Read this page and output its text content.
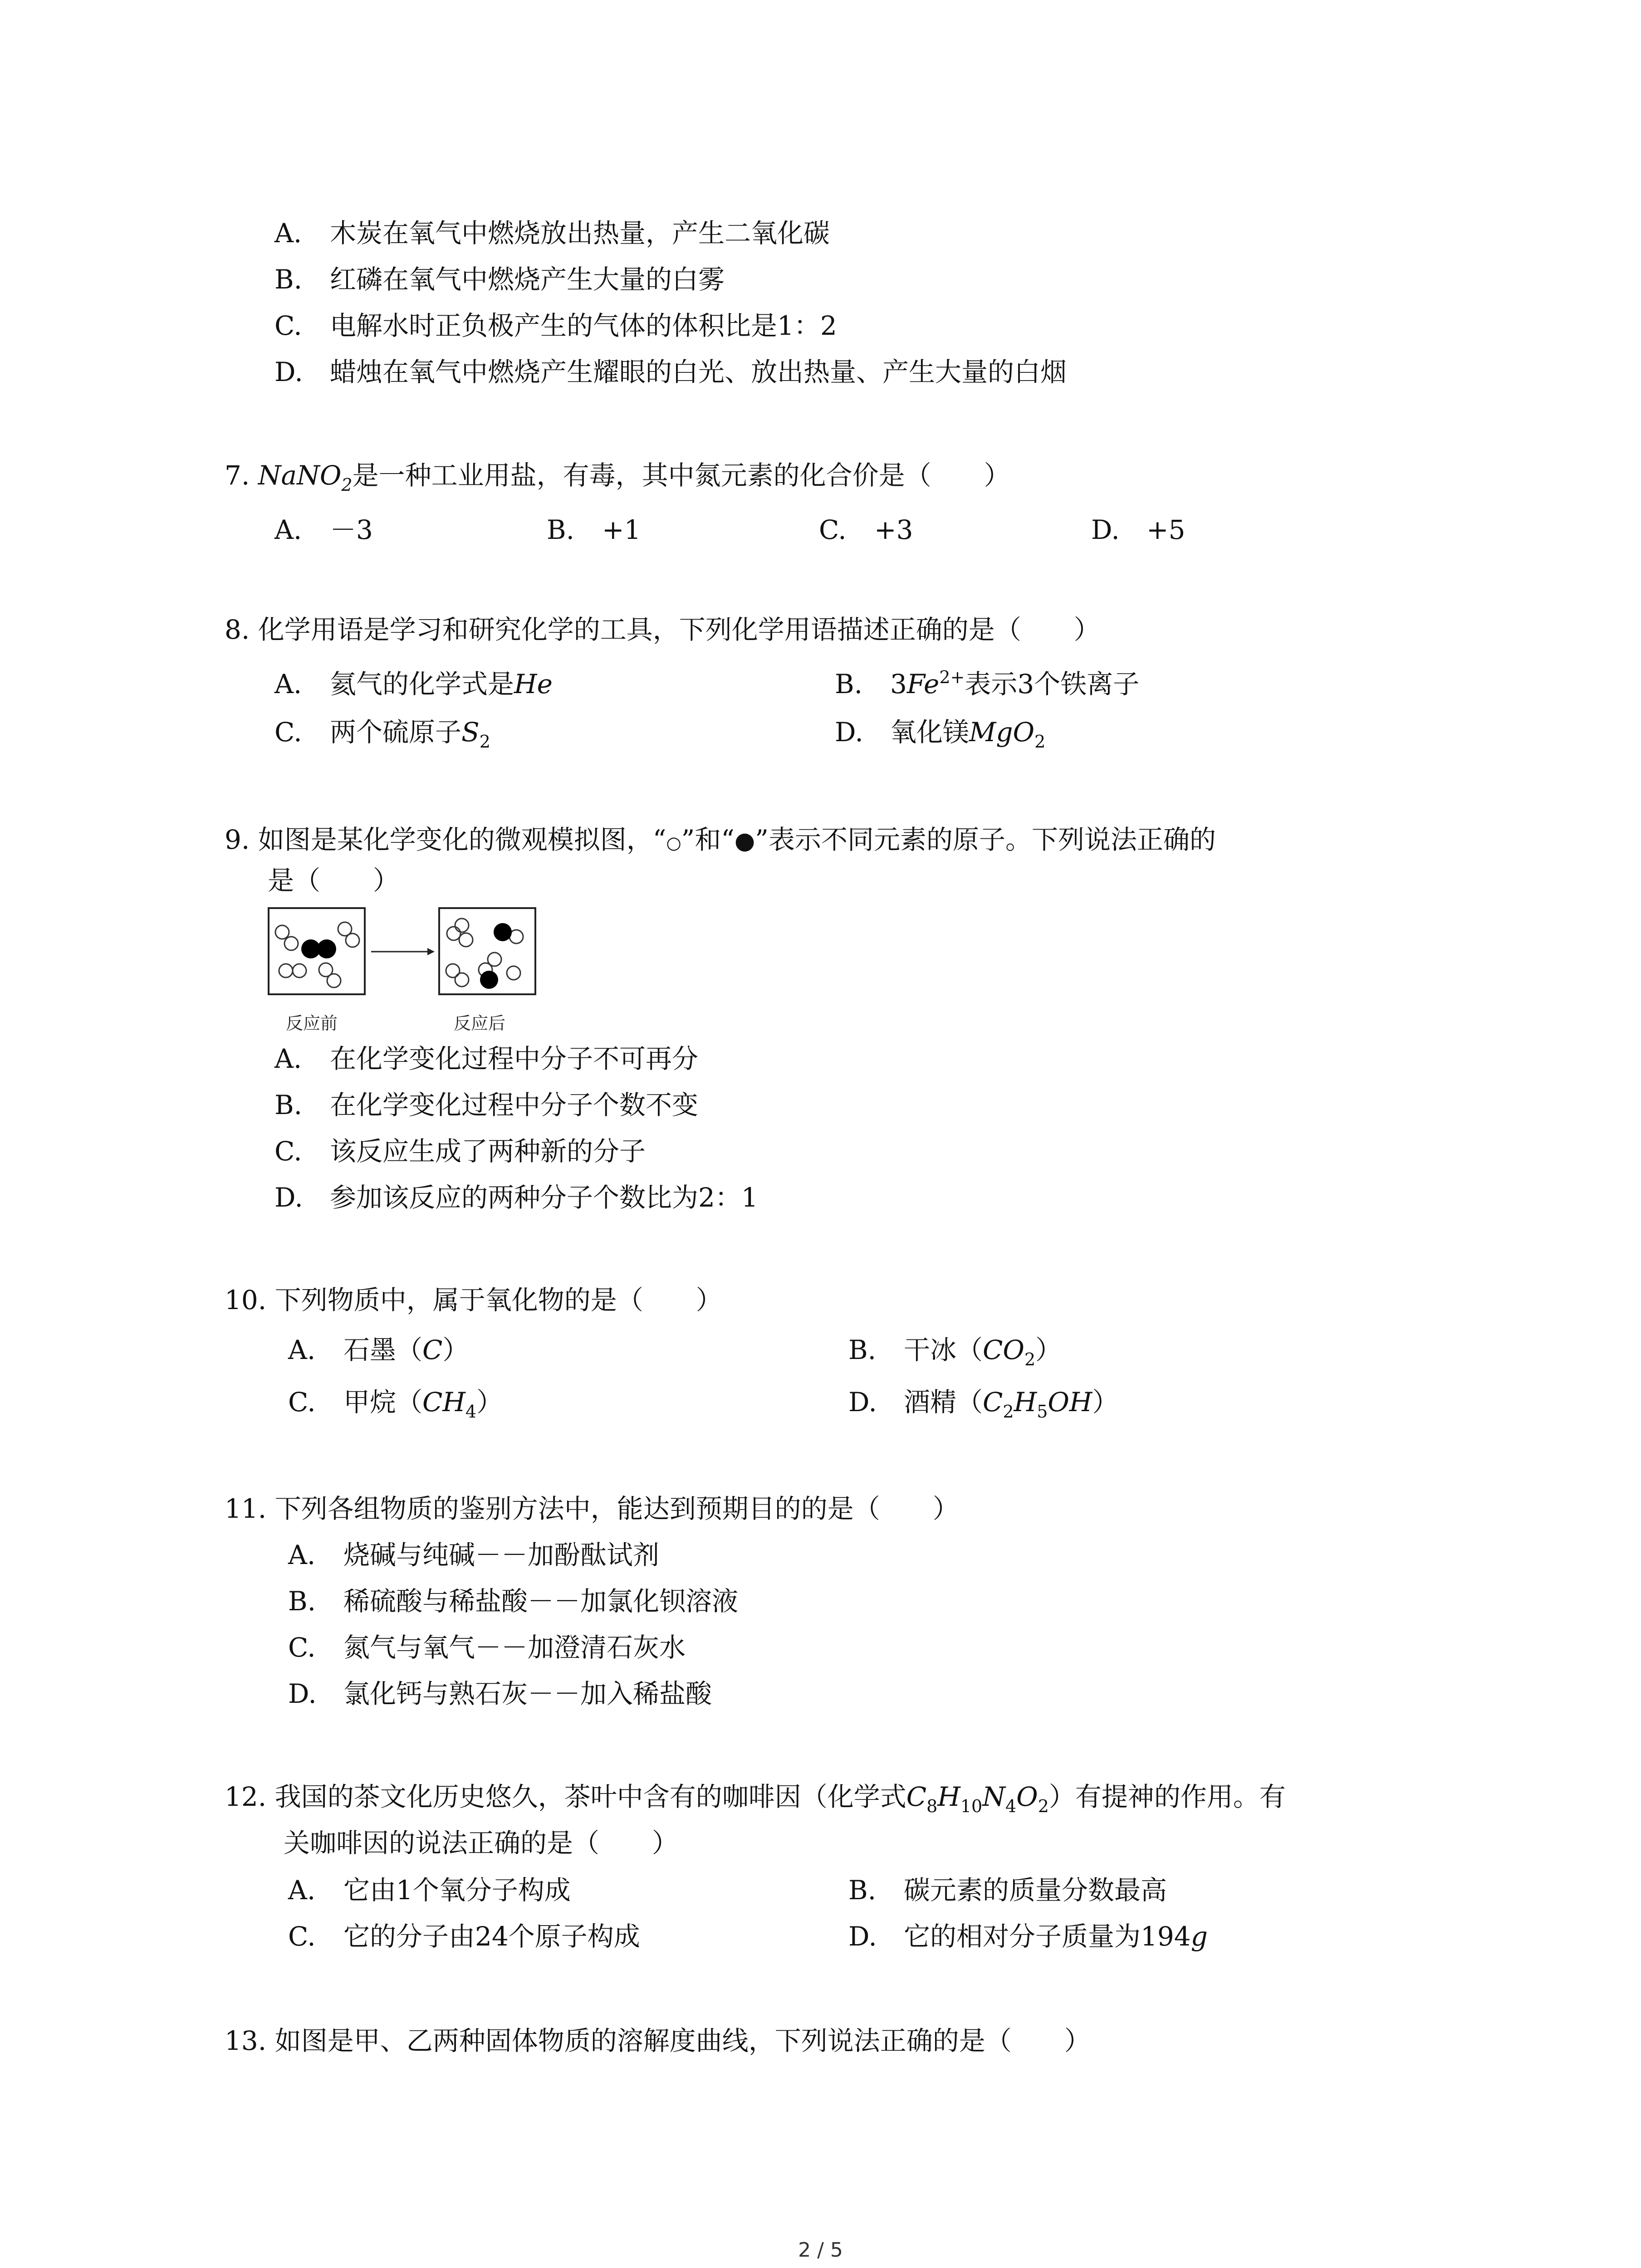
A. 木炭在氧气中燃烧放出热量，产生二氧化碳
B. 红磷在氧气中燃烧产生大量的白雾
C. 电解水时正负极产生的气体的体积比是1：2
D. 蜡烛在氧气中燃烧产生耀眼的白光、放出热量、产生大量的白烟
7. NaNO$_2$是一种工业用盐，有毒，其中氮元素的化合价是（　　）
A. －3	B. +1	C. +3	D. +5
8. 化学用语是学习和研究化学的工具，下列化学用语描述正确的是（　　）
A. 氦气的化学式是He	B. $3Fe^{2+}$表示3个铁离子
C. 两个硫原子$S_2$	D. 氧化镁MgO$_2$
9. 如图是某化学变化的微观模拟图，“○”和“●”表示不同元素的原子。下列说法正确的
是（　　）
反应前	反应后
A. 在化学变化过程中分子不可再分
B. 在化学变化过程中分子个数不变
C. 该反应生成了两种新的分子
D. 参加该反应的两种分子个数比为2：1
10. 下列物质中，属于氧化物的是（　　）
A. 石墨（C）	B. 干冰$(CO_2)$
C. 甲烷$(CH_4)$	D. 酒精$(C_2H_5OH)$
11. 下列各组物质的鉴别方法中，能达到预期目的的是（　　）
A. 烧碱与纯碱－－加酚酞试剂
B. 稀硫酸与稀盐酸－－加氯化钡溶液
C. 氮气与氧气－－加澄清石灰水
D. 氯化钙与熟石灰－－加入稀盐酸
12. 我国的茶文化历史悠久，茶叶中含有的咖啡因（化学式$C_8H_{10}N_4O_2$）有提神的作用。有
关咖啡因的说法正确的是（　　）
A. 它由1个氧分子构成	B. 碳元素的质量分数最高
C. 它的分子由24个原子构成	D. 它的相对分子质量为194g
13. 如图是甲、乙两种固体物质的溶解度曲线，下列说法正确的是（　　）
2 / 5
